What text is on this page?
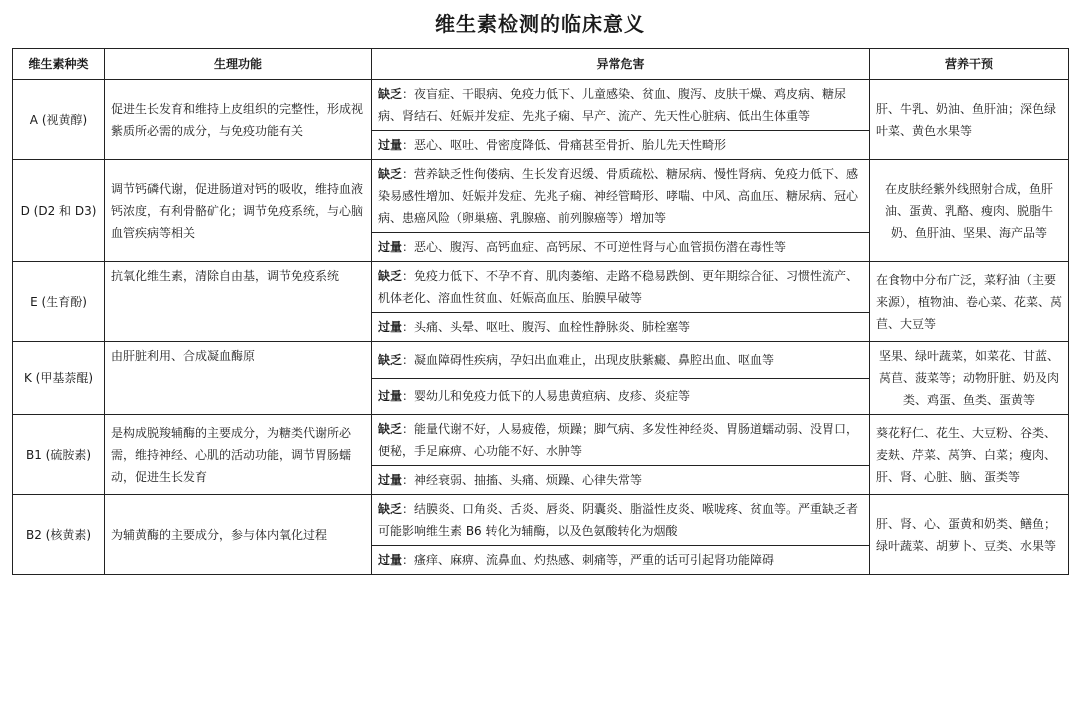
维生素检测的临床意义
维生素种类	生理功能	异常危害	营养干预
A (视黄醇)	促进生长发育和维持上皮组织的完整性，形成视紫质所必需的成分，与免疫功能有关	缺乏：夜盲症、干眼病、免疫力低下、儿童感染、贫血、腹泻、皮肤干燥、鸡皮病、糖尿病、肾结石、妊娠并发症、先兆子痫、早产、流产、先天性心脏病、低出生体重等	肝、牛乳、奶油、鱼肝油；深色绿叶菜、黄色水果等
		过量：恶心、呕吐、骨密度降低、骨痛甚至骨折、胎儿先天性畸形	
D (D2 和 D3)	调节钙磷代谢，促进肠道对钙的吸收，维持血液钙浓度，有利骨骼矿化；调节免疫系统，与心脑血管疾病等相关	缺乏：营养缺乏性佝偻病、生长发育迟缓、骨质疏松、糖尿病、慢性肾病、免疫力低下、感染易感性增加、妊娠并发症、先兆子痫、神经管畸形、哮喘、中风、高血压、糖尿病、冠心病、患癌风险（卵巢癌、乳腺癌、前列腺癌等）增加等	在皮肤经紫外线照射合成，鱼肝油、蛋黄、乳酪、瘦肉、脱脂牛奶、鱼肝油、坚果、海产品等
		过量：恶心、腹泻、高钙血症、高钙尿、不可逆性肾与心血管损伤潜在毒性等	
E (生育酚)	抗氧化维生素，清除自由基，调节免疫系统	缺乏：免疫力低下、不孕不育、肌肉萎缩、走路不稳易跌倒、更年期综合征、习惯性流产、机体老化、溶血性贫血、妊娠高血压、胎膜早破等	在食物中分布广泛，菜籽油（主要来源），植物油、卷心菜、花菜、莴苣、大豆等
		过量：头痛、头晕、呕吐、腹泻、血栓性静脉炎、肺栓塞等	
K (甲基萘醌)	由肝脏利用、合成凝血酶原	缺乏：凝血障碍性疾病，孕妇出血难止，出现皮肤紫癜、鼻腔出血、呕血等	坚果、绿叶蔬菜，如菜花、甘蓝、莴苣、菠菜等；动物肝脏、奶及肉类、鸡蛋、鱼类、蛋黄等
		过量：婴幼儿和免疫力低下的人易患黄疸病、皮疹、炎症等	
B1 (硫胺素)	是构成脱羧辅酶的主要成分，为糖类代谢所必需，维持神经、心肌的活动功能，调节胃肠蠕动，促进生长发育	缺乏：能量代谢不好，人易疲倦，烦躁；脚气病、多发性神经炎、胃肠道蠕动弱、没胃口，便秘，手足麻痹、心功能不好、水肿等	葵花籽仁、花生、大豆粉、谷类、麦麸、芹菜、莴笋、白菜；瘦肉、肝、肾、心脏、脑、蛋类等
		过量：神经衰弱、抽搐、头痛、烦躁、心律失常等	
B2 (核黄素)	为辅黄酶的主要成分，参与体内氧化过程	缺乏：结膜炎、口角炎、舌炎、唇炎、阴囊炎、脂溢性皮炎、喉咙疼、贫血等。严重缺乏者可能影响维生素 B6 转化为辅酶，以及色氨酸转化为烟酸	肝、肾、心、蛋黄和奶类、鳝鱼；绿叶蔬菜、胡萝卜、豆类、水果等
		过量：瘙痒、麻痹、流鼻血、灼热感、刺痛等，严重的话可引起肾功能障碍	
